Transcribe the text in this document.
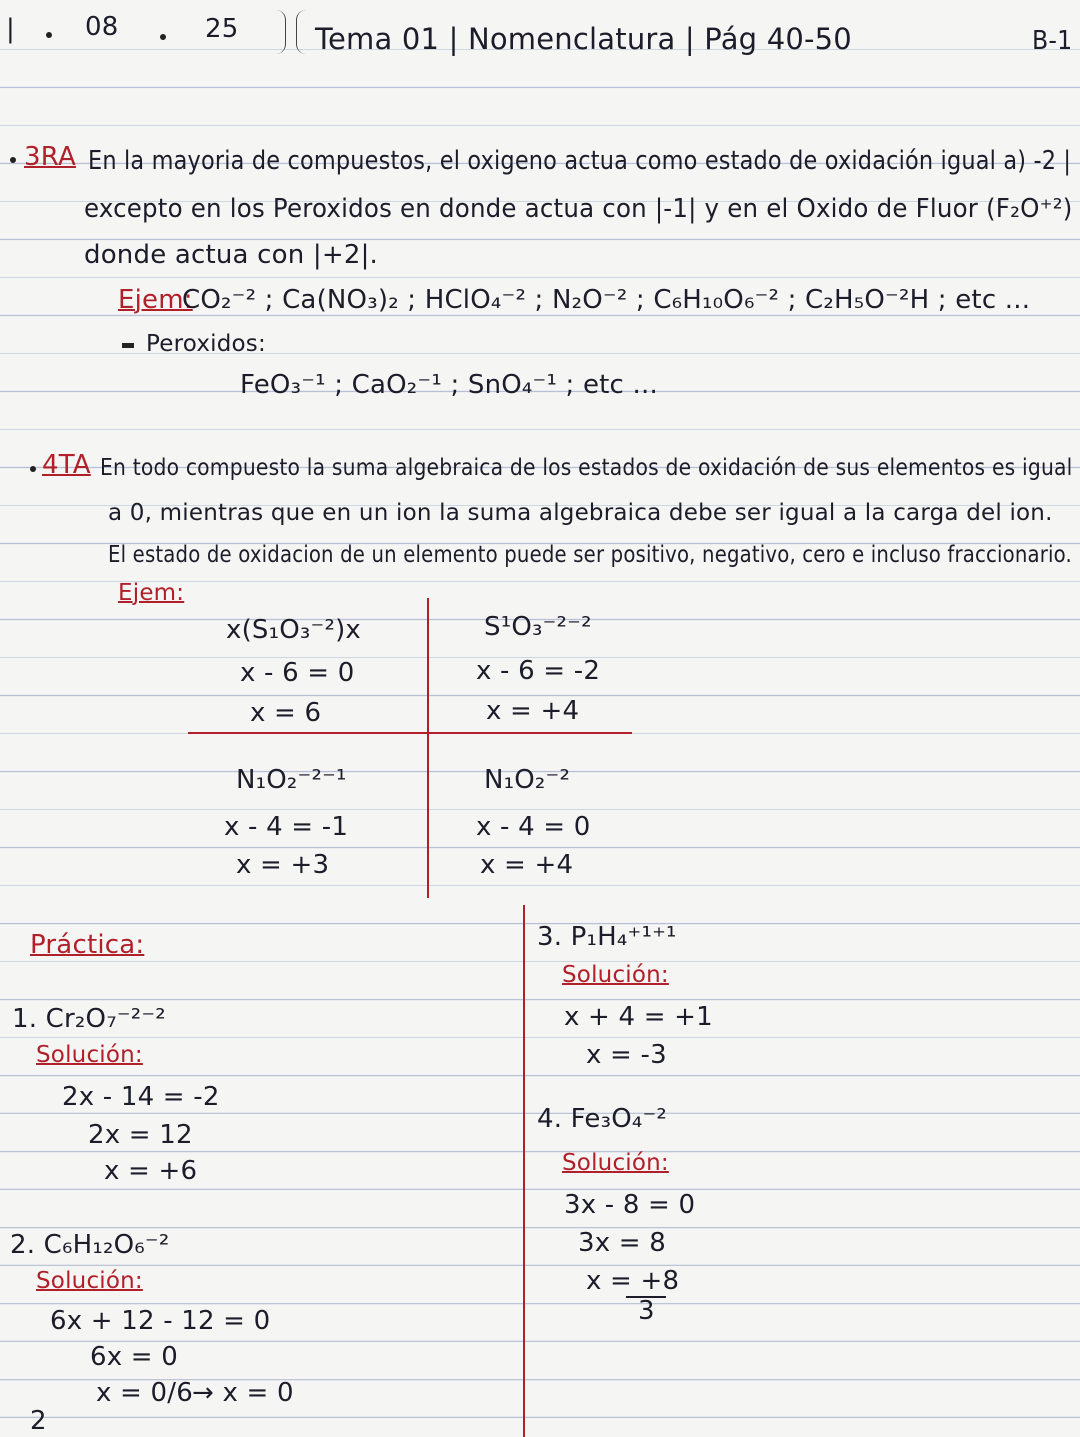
|	08	25	Tema 01 | Nomenclatura | Pág 40-50	B-1
3RA En la mayoria de compuestos, el oxigeno actua como estado de oxidación igual a) -2 |
excepto en los Peroxidos en donde actua con |-1| y en el Oxido de Fluor (F₂O⁺²)
donde actua con |+2|.
Ejem:
CO₂⁻² ; Ca(NO₃)₂ ; HClO₄⁻² ; N₂O⁻² ; C₆H₁₀O₆⁻² ; C₂H₅O⁻²H ; etc ...
Peroxidos:
FeO₃⁻¹ ; CaO₂⁻¹ ; SnO₄⁻¹ ; etc ...
4TA En todo compuesto la suma algebraica de los estados de oxidación de sus elementos es igual
a 0, mientras que en un ion la suma algebraica debe ser igual a la carga del ion.
El estado de oxidacion de un elemento puede ser positivo, negativo, cero e incluso fraccionario.
Ejem:
x(S₁O₃⁻²)x
x - 6 = 0
x = 6
S¹O₃⁻²⁻²
x - 6 = -2
x = +4
N₁O₂⁻²⁻¹
x - 4 = -1
x = +3
N₁O₂⁻²
x - 4 = 0
x = +4
Práctica:
1. Cr₂O₇⁻²⁻²
Solución:
2x - 14 = -2
2x = 12
x = +6
2. C₆H₁₂O₆⁻²
Solución:
6x + 12 - 12 = 0
6x = 0
x = 0/6 → x = 0
3. P₁H₄⁺¹⁺¹
Solución:
x + 4 = +1
x = -3
4. Fe₃O₄⁻²
Solución:
3x - 8 = 0
3x = 8
x = +8
3
2
